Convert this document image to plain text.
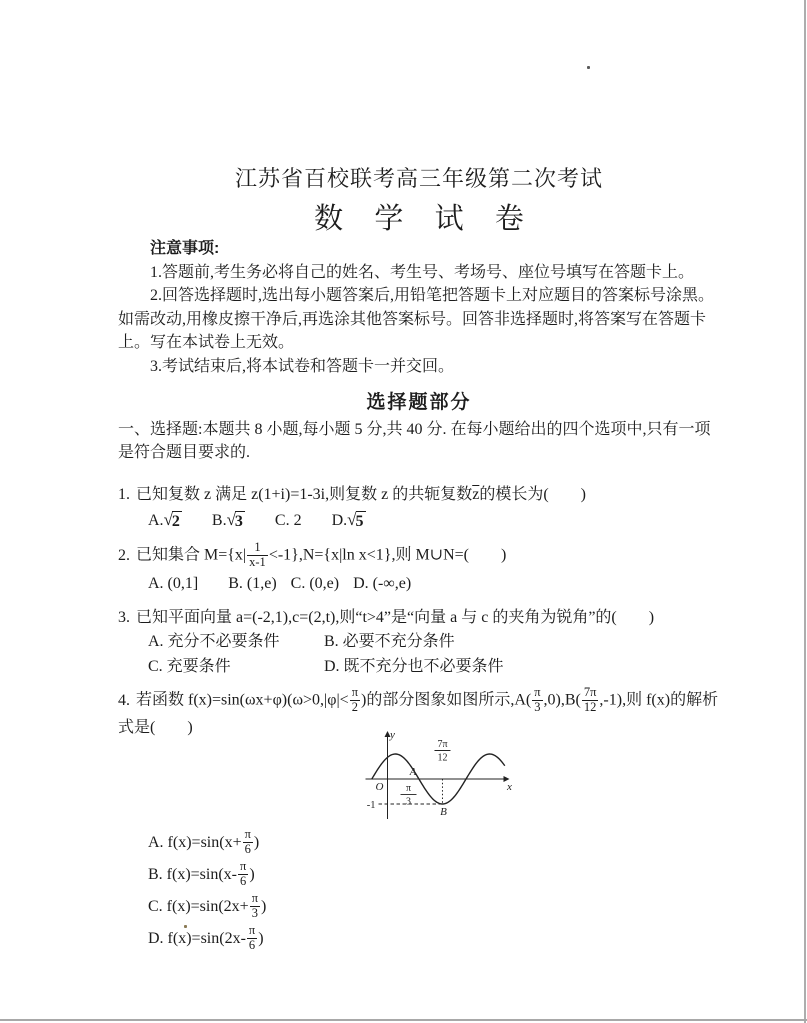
江苏省百校联考高三年级第二次考试
数 学 试 卷

注意事项:

1.答题前,考生务必将自己的姓名、考生号、考场号、座位号填写在答题卡上。

2.回答选择题时,选出每小题答案后,用铅笔把答题卡上对应题目的答案标号涂黑。如需改动,用橡皮擦干净后,再选涂其他答案标号。回答非选择题时,将答案写在答题卡上。写在本试卷上无效。

3.考试结束后,将本试卷和答题卡一并交回。

选择题部分

一、选择题:本题共 8 小题,每小题 5 分,共 40 分. 在每小题给出的四个选项中,只有一项是符合题目要求的.

1. 已知复数 z 满足 z(1+i)=1-3i,则复数 z 的共轭复数$\overline{z}$的模长为(　　)

A. √ 2 B. √ 3 C. 2 D. √ 5

2. 已知集合 $M=\{x| \frac{1}{x-1} <-1\},N=\{x|\ln$ x<1},则 M∪N=(　　)

A. (0,1]　 B. (1,e) C. (0,e) D. (-∞,e)

3. 已知平面向量 a=(-2,1),c=(2,t),则“t>4”是“向量 a 与 c 的夹角为锐角”的(　　)

A. 充分不必要条件	B. 必要不充分条件
C. 充要条件	D. 既不充分也不必要条件

4. 若函数 $f(x)=\sin(\omega x+\varphi)(\omega>0,|\varphi|< \frac{\pi}{2}$ )的部分图象如图所示$,A( \frac{\pi}{3} ,0),B( \frac{7\pi}{12} ,-1)$,则 f(x)的解析式是(　　)	y
x
O
A
B
-1
π
3
7π
12
A. $f(x)=\sin(x+ \frac{\pi}{6}$ )
B. $f(x)=\sin(x- \frac{\pi}{6}$ )
C. $f(x)=\sin(2x+ \frac{\pi}{3}$ )
D. $f(x)=\sin(2x- \frac{\pi}{6}$ )
